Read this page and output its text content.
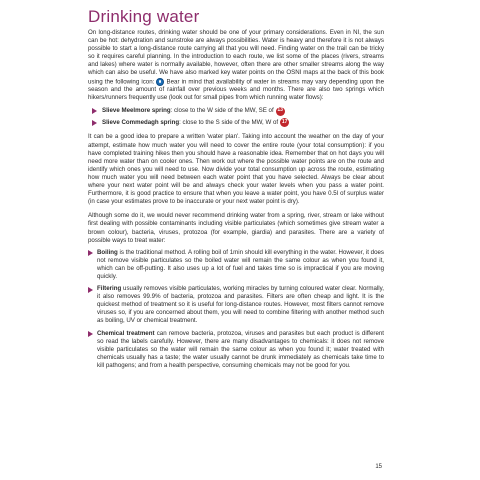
Drinking water

On long-distance routes, drinking water should be one of your primary considerations. Even in NI, the sun can be hot: dehydration and sunstroke are always possibilities. Water is heavy and therefore it is not always possible to start a long-distance route carrying all that you will need. Finding water on the trail can be tricky so it requires careful planning. In the introduction to each route, we list some of the places (rivers, streams and lakes) where water is normally available, however, often there are other smaller streams along the way which can also be useful. We have also marked key water points on the OSNI maps at the back of this book using the following icon: Bear in mind that availability of water in streams may vary depending upon the season and the amount of rainfall over previous weeks and months. There are also two springs which hikers/runners frequently use (look out for small pipes from which running water flows):

Slieve Meelmore spring : close to the W side of the MW, SE of 13
Slieve Commedagh spring : close to the S side of the MW, W of 17

It can be a good idea to prepare a written 'water plan'. Taking into account the weather on the day of your attempt, estimate how much water you will need to cover the entire route (your total consumption): if you have completed training hikes then you should have a reasonable idea. Remember that on hot days you will need more water than on cooler ones. Then work out where the possible water points are on the route and identify which ones you will need to use. Now divide your total consumption up across the route, estimating how much water you will need between each water point that you have selected. Always be clear about where your next water point will be and always check your water levels when you pass a water point. Furthermore, it is good practice to ensure that when you leave a water point, you have 0.5l of surplus water (in case your estimates prove to be inaccurate or your next water point is dry).

Although some do it, we would never recommend drinking water from a spring, river, stream or lake without first dealing with possible contaminants including visible particulates (which sometimes give stream water a brown colour), bacteria, viruses, protozoa (for example, giardia) and parasites. There are a variety of possible ways to treat water:

Boiling is the traditional method. A rolling boil of 1min should kill everything in the water. However, it does not remove visible particulates so the boiled water will remain the same colour as when you found it, which can be off-putting. It also uses up a lot of fuel and takes time so is impractical if you are moving quickly.

Filtering usually removes visible particulates, working miracles by turning coloured water clear. Normally, it also removes 99.9% of bacteria, protozoa and parasites. Filters are often cheap and light. It is the quickest method of treatment so it is useful for long-distance routes. However, most filters cannot remove viruses so, if you are concerned about them, you will need to combine filtering with another method such as boiling, UV or chemical treatment.

Chemical treatment can remove bacteria, protozoa, viruses and parasites but each product is different so read the labels carefully. However, there are many disadvantages to chemicals: it does not remove visible particulates so the water will remain the same colour as when you found it; water treated with chemicals usually has a taste; the water usually cannot be drunk immediately as chemicals take time to kill pathogens; and from a health perspective, consuming chemicals may not be good for you.

15
